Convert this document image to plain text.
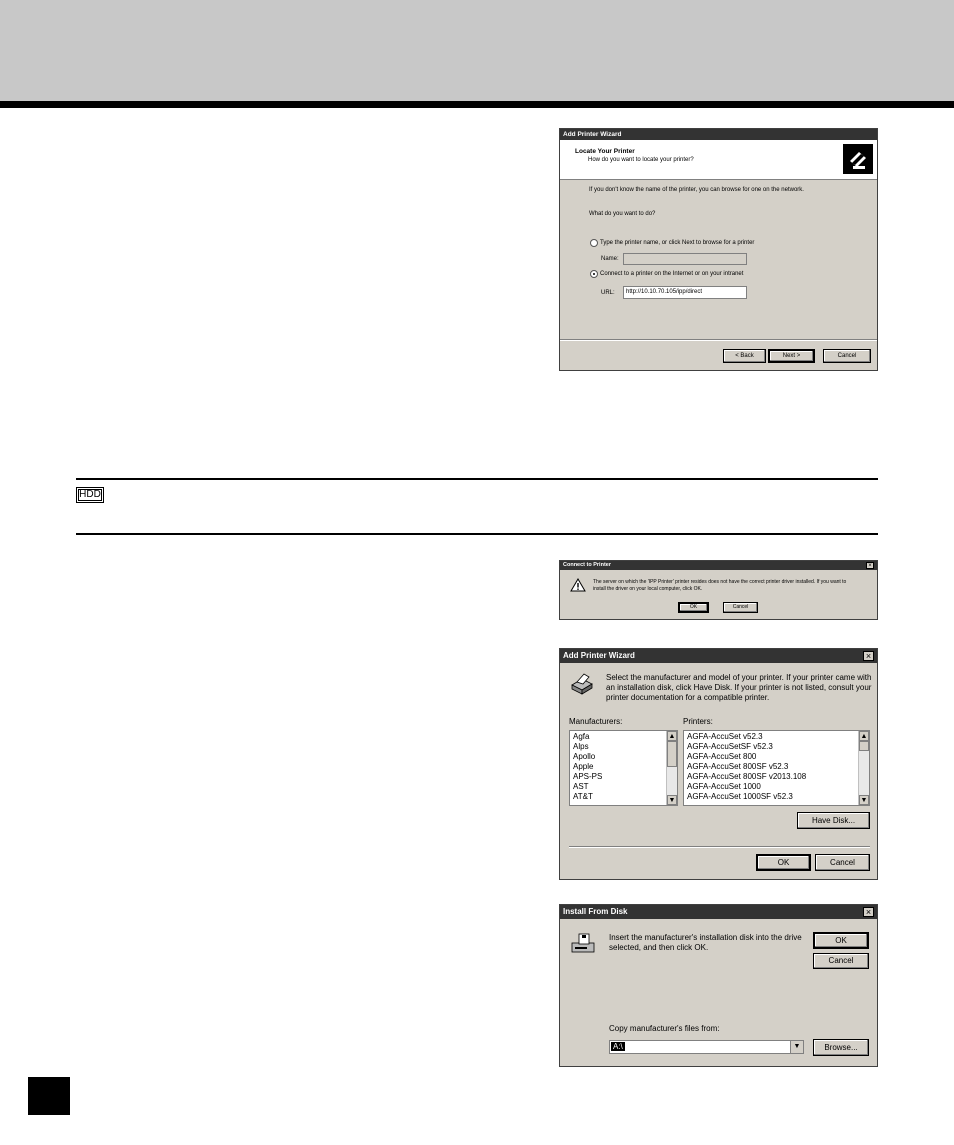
HDD
Add Printer Wizard
Locate Your Printer
How do you want to locate your printer?
If you don't know the name of the printer, you can browse for one on the network.
What do you want to do?
Type the printer name, or click Next to browse for a printer
Name:
Connect to a printer on the Internet or on your intranet
URL:	http://10.10.70.105/ipp/direct
< Back	Next >	Cancel
Connect to Printer	×
The server on which the 'IPP Printer' printer resides does not have the correct printer driver installed. If you want to
install the driver on your local computer, click OK.
OK	Cancel
Add Printer Wizard	×
Select the manufacturer and model of your printer. If your printer came with
an installation disk, click Have Disk. If your printer is not listed, consult your
printer documentation for a compatible printer.
Manufacturers:	Printers:
Agfa
Alps
Apollo
Apple
APS-PS
AST
AT&T
▲
▼
AGFA-AccuSet v52.3
AGFA-AccuSetSF v52.3
AGFA-AccuSet 800
AGFA-AccuSet 800SF v52.3
AGFA-AccuSet 800SF v2013.108
AGFA-AccuSet 1000
AGFA-AccuSet 1000SF v52.3
▲
▼
Have Disk...
OK	Cancel
Install From Disk	×
Insert the manufacturer's installation disk into the drive
selected, and then click OK.
OK
Cancel
Copy manufacturer's files from:
A:\	▼	Browse...
